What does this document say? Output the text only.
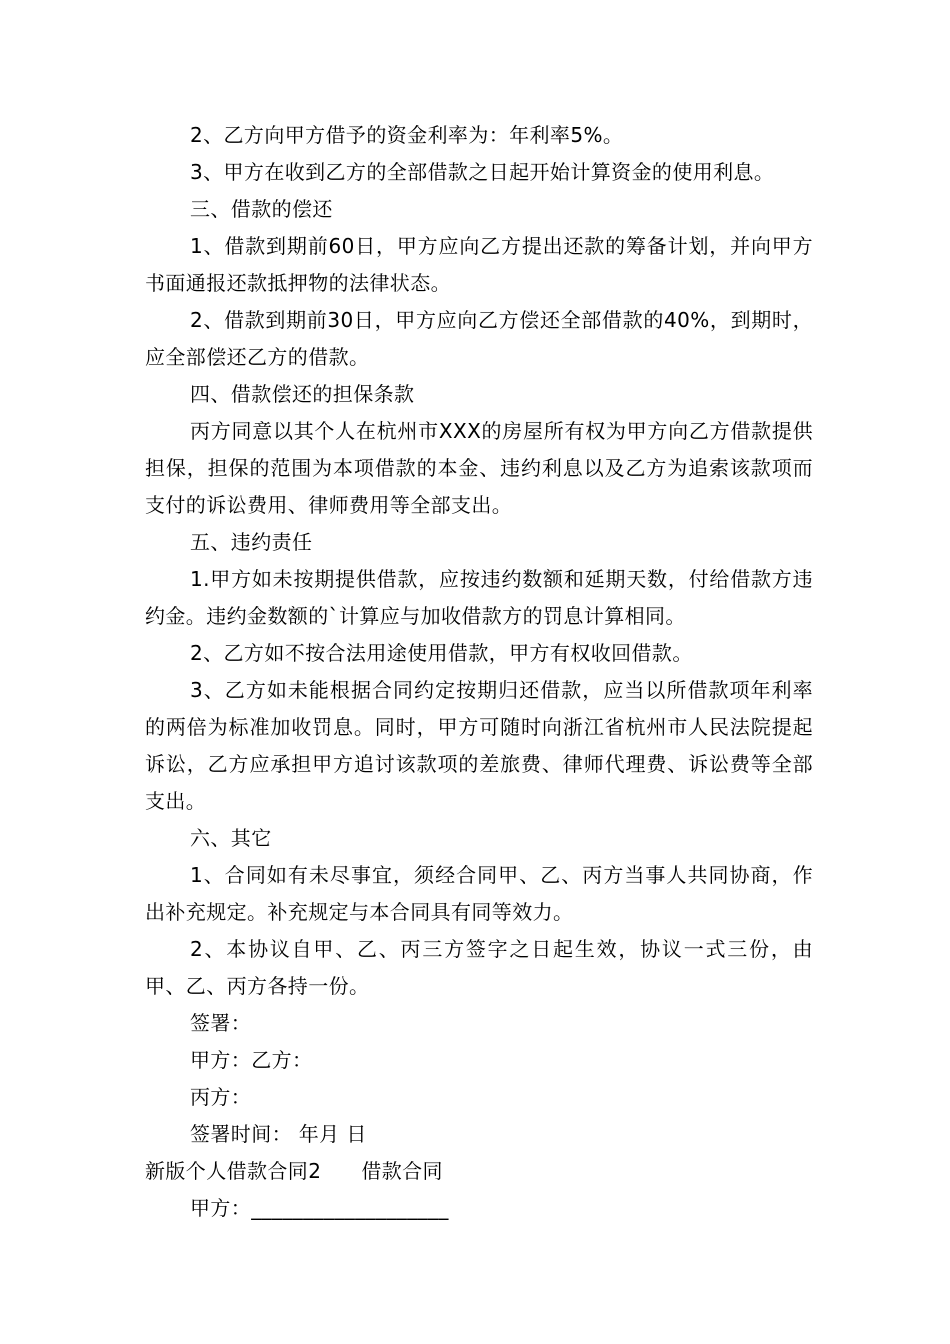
2、乙方向甲方借予的资金利率为：年利率5%。

3、甲方在收到乙方的全部借款之日起开始计算资金的使用利息。

三、借款的偿还

1、借款到期前60日，甲方应向乙方提出还款的筹备计划，并向甲方书面通报还款抵押物的法律状态。

2、借款到期前30日，甲方应向乙方偿还全部借款的40%，到期时，应全部偿还乙方的借款。

四、借款偿还的担保条款

丙方同意以其个人在杭州市XXX的房屋所有权为甲方向乙方借款提供担保，担保的范围为本项借款的本金、违约利息以及乙方为追索该款项而支付的诉讼费用、律师费用等全部支出。

五、违约责任

1.甲方如未按期提供借款，应按违约数额和延期天数，付给借款方违约金。违约金数额的`计算应与加收借款方的罚息计算相同。

2、乙方如不按合法用途使用借款，甲方有权收回借款。

3、乙方如未能根据合同约定按期归还借款，应当以所借款项年利率的两倍为标准加收罚息。同时，甲方可随时向浙江省杭州市人民法院提起诉讼，乙方应承担甲方追讨该款项的差旅费、律师代理费、诉讼费等全部支出。

六、其它

1、合同如有未尽事宜，须经合同甲、乙、丙方当事人共同协商，作出补充规定。补充规定与本合同具有同等效力。

2、本协议自甲、乙、丙三方签字之日起生效，协议一式三份，由甲、乙、丙方各持一份。

签署：

甲方：乙方：

丙方：

签署时间： 年月 日

新版个人借款合同2 借款合同

甲方：___________________
